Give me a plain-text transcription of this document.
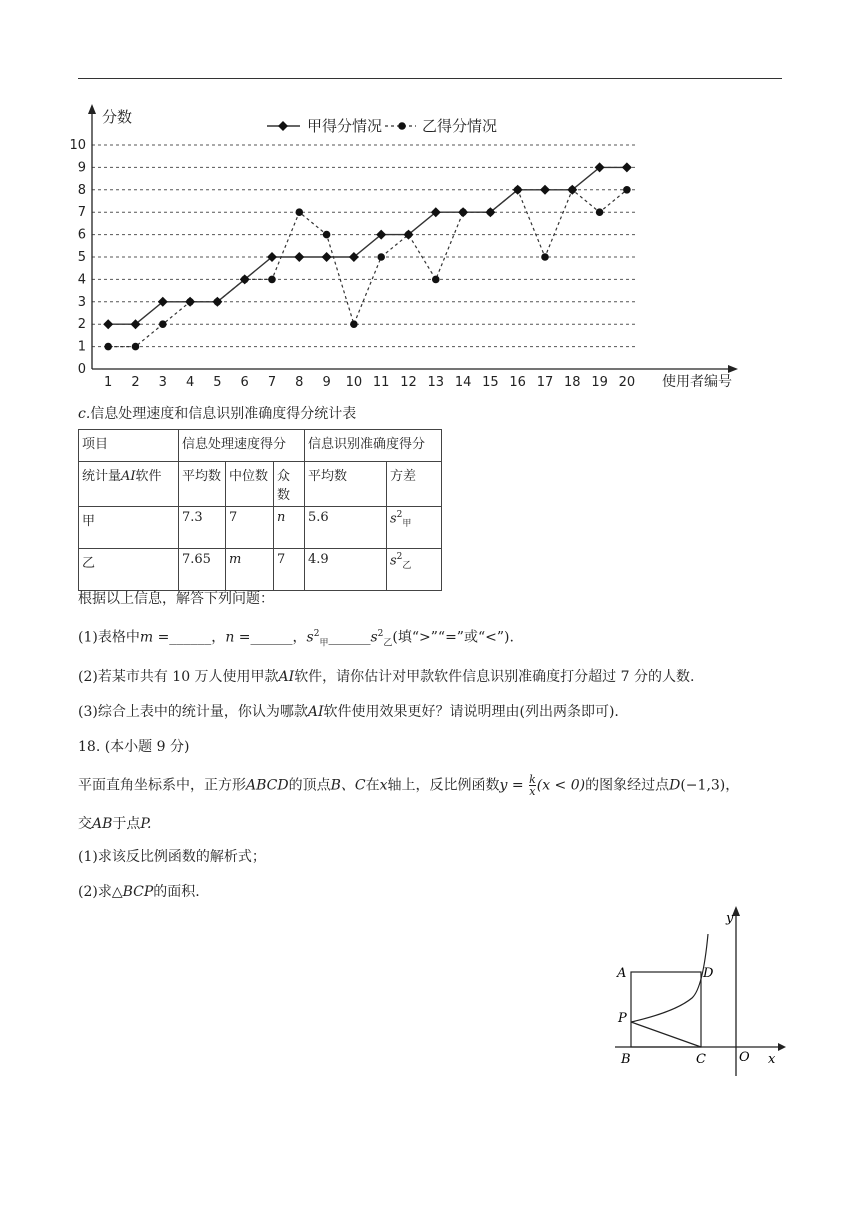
0
1
2
3
4
5
6
7
8
9
10
1 2 3 4 5 6 7 8 9 10 11 12 13 14 15 16 17 18 19 20
分数
使用者编号
甲得分情况	乙得分情况
c.信息处理速度和信息识别准确度得分统计表
项目	信息处理速度得分			信息识别准确度得分	
统计量AI软件	平均数	中位数	众数	平均数	方差
甲	7.3	7	n	5.6	$s^2_甲$
乙	7.65	m	7	4.9	$s^2_乙$
根据以上信息，解答下列问题：
(1)表格中m =______，n =______，$s^2_甲\_\_\_\_\_\_s^2_乙$(填“>”“=”或“<”).
(2)若某市共有 10 万人使用甲款AI软件，请你估计对甲款软件信息识别准确度打分超过 7 分的人数.
(3)综合上表中的统计量，你认为哪款AI软件使用效果更好？请说明理由(列出两条即可).
18. (本小题 9 分)
平面直角坐标系中，正方形ABCD的顶点B、C在x轴上，反比例函数$y = \frac{k}{x} (x < 0)$的图象经过点D(−1,3)，
交AB于点P.
(1)求该反比例函数的解析式；
(2)求△BCP的面积.
A	D
P
B	C	O x
y
